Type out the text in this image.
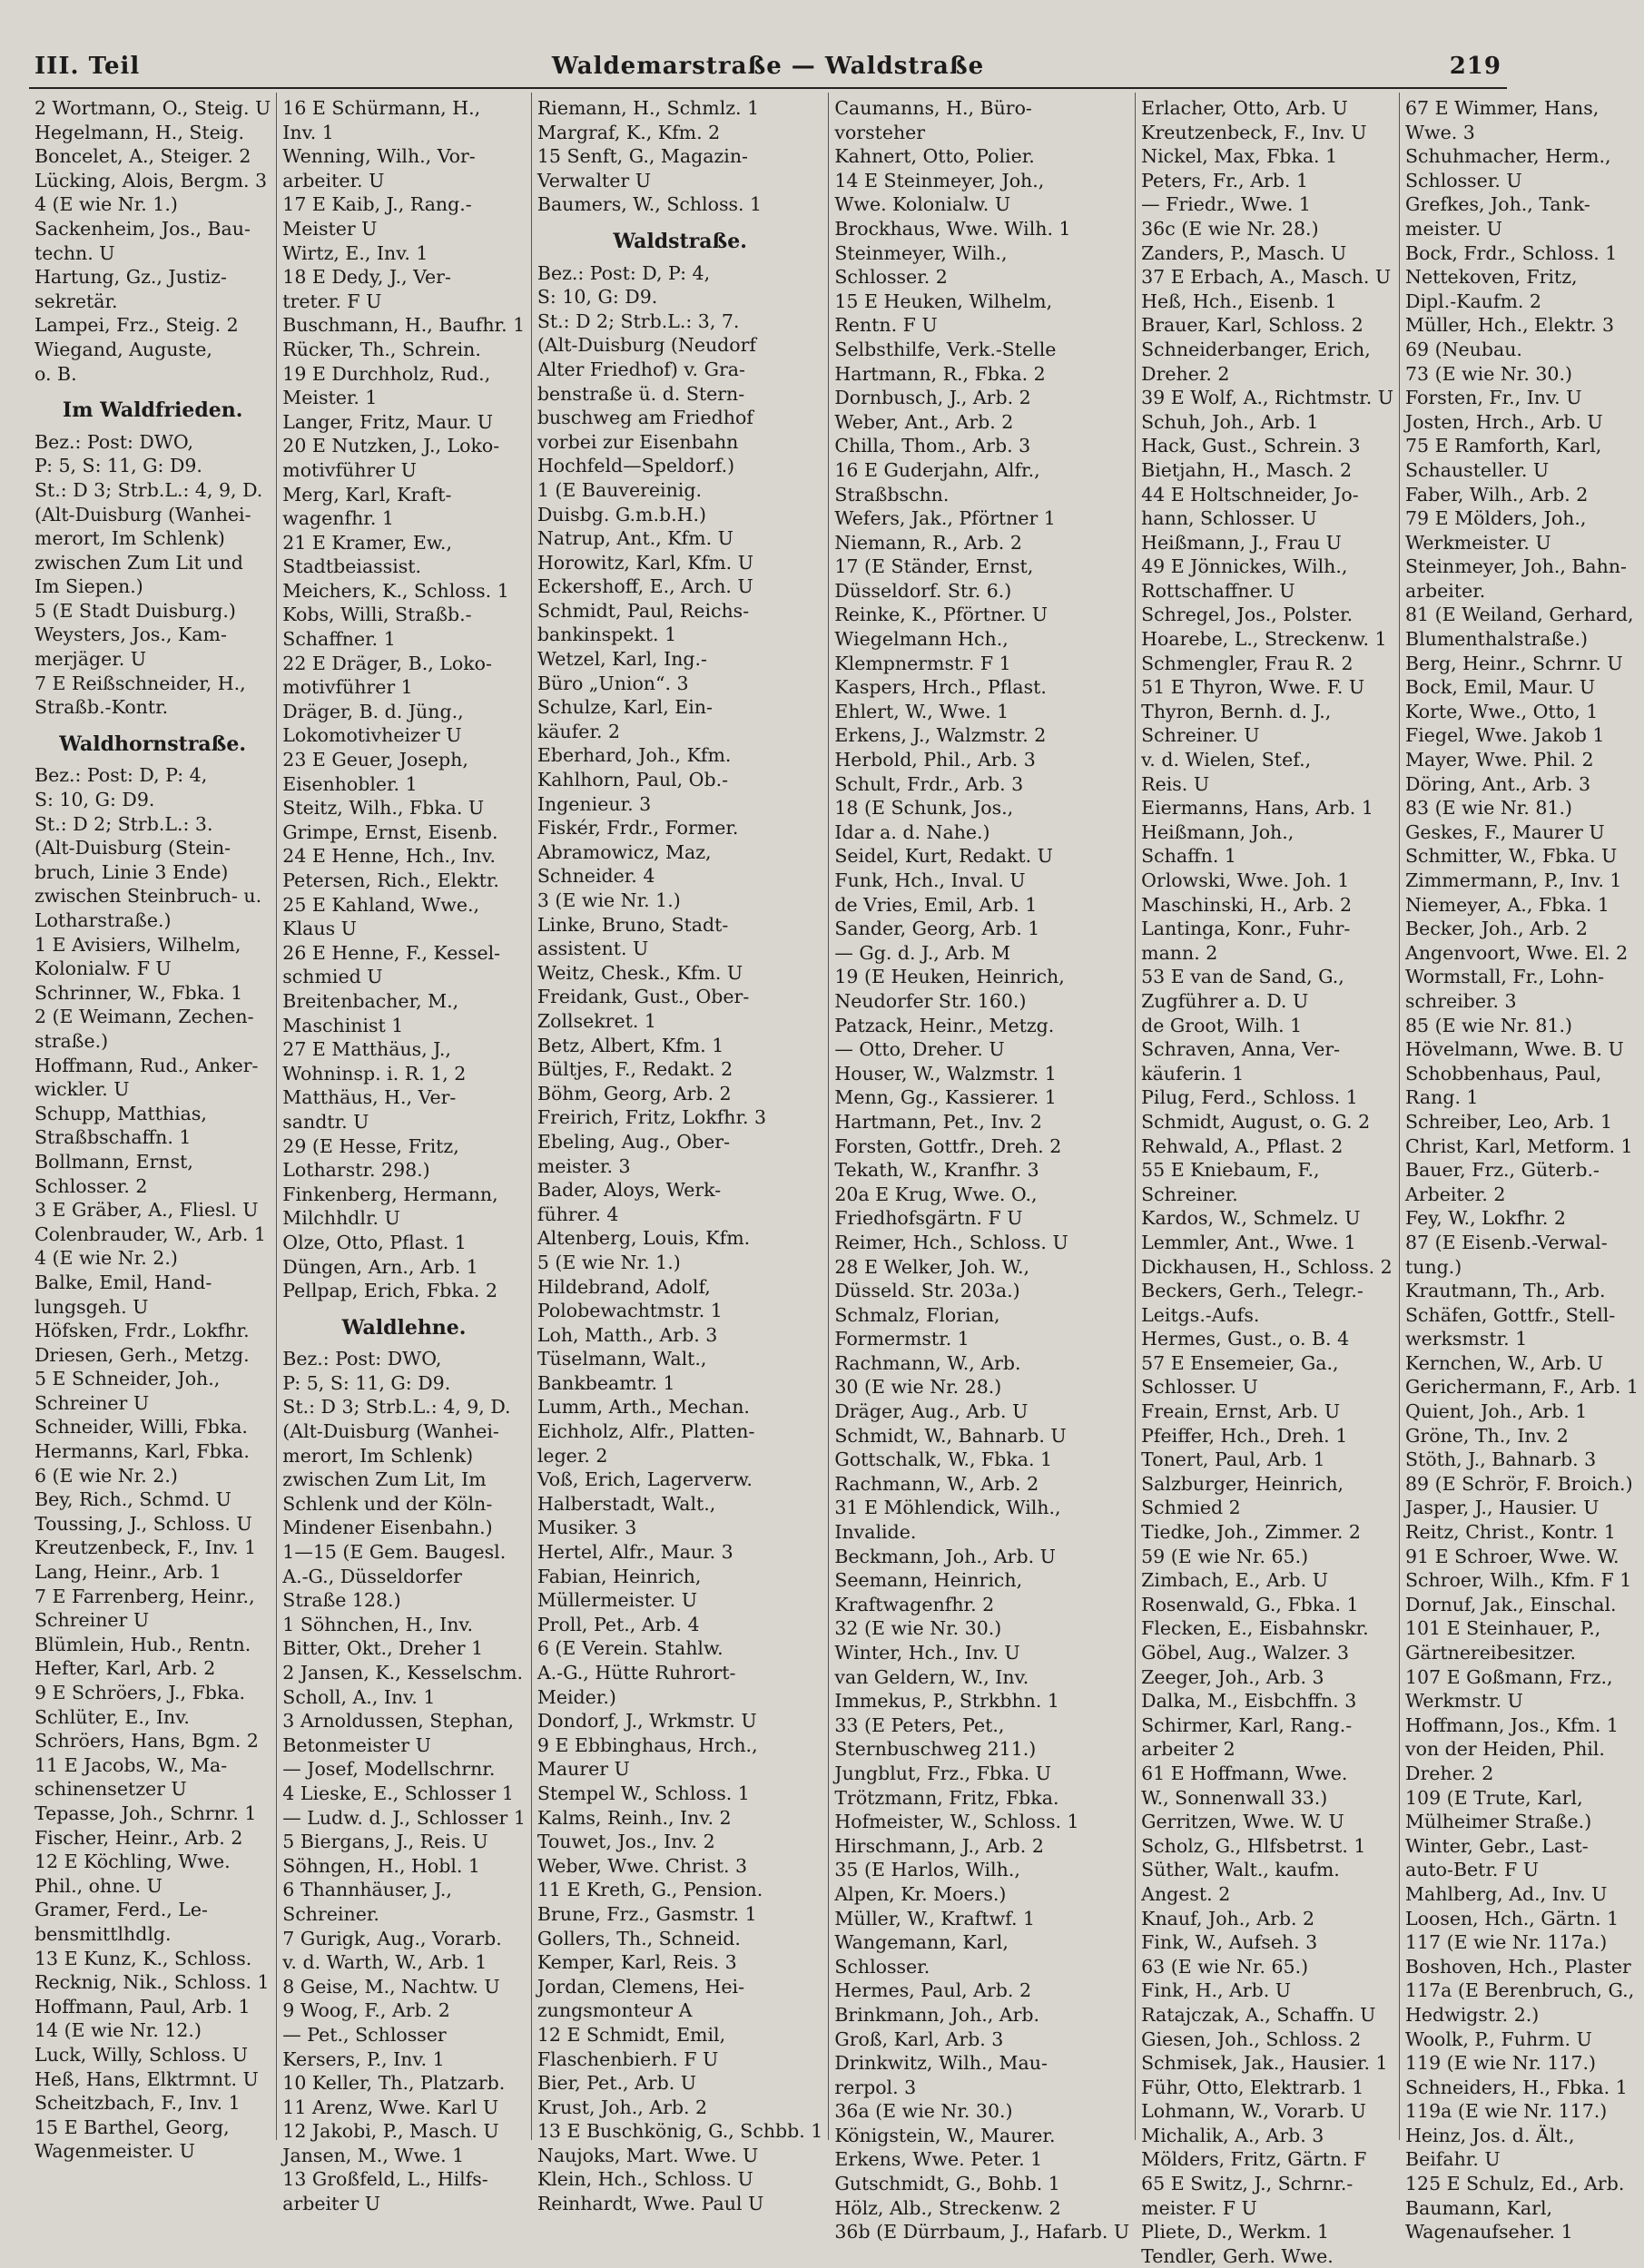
III. Teil	Waldemarstraße — Waldstraße	219
2 Wortmann, O., Steig. U
Hegelmann, H., Steig.
Boncelet, A., Steiger. 2
Lücking, Alois, Bergm. 3
4 (E wie Nr. 1.)
Sackenheim, Jos., Bau-
techn. U
Hartung, Gz., Justiz-
sekretär.
Lampei, Frz., Steig. 2
Wiegand, Auguste,
o. B.
Im Waldfrieden.
Bez.: Post: DWO,
P: 5, S: 11, G: D9.
St.: D 3; Strb.L.: 4, 9, D.
(Alt-Duisburg (Wanhei-
merort, Im Schlenk)
zwischen Zum Lit und
Im Siepen.)
5 (E Stadt Duisburg.)
Weysters, Jos., Kam-
merjäger. U
7 E Reißschneider, H.,
Straßb.-Kontr.
Waldhornstraße.
Bez.: Post: D, P: 4,
S: 10, G: D9.
St.: D 2; Strb.L.: 3.
(Alt-Duisburg (Stein-
bruch, Linie 3 Ende)
zwischen Steinbruch- u.
Lotharstraße.)
1 E Avisiers, Wilhelm,
Kolonialw. F U
Schrinner, W., Fbka. 1
2 (E Weimann, Zechen-
straße.)
Hoffmann, Rud., Anker-
wickler. U
Schupp, Matthias,
Straßbschaffn. 1
Bollmann, Ernst,
Schlosser. 2
3 E Gräber, A., Fliesl. U
Colenbrauder, W., Arb. 1
4 (E wie Nr. 2.)
Balke, Emil, Hand-
lungsgeh. U
Höfsken, Frdr., Lokfhr.
Driesen, Gerh., Metzg.
5 E Schneider, Joh.,
Schreiner U
Schneider, Willi, Fbka.
Hermanns, Karl, Fbka.
6 (E wie Nr. 2.)
Bey, Rich., Schmd. U
Toussing, J., Schloss. U
Kreutzenbeck, F., Inv. 1
Lang, Heinr., Arb. 1
7 E Farrenberg, Heinr.,
Schreiner U
Blümlein, Hub., Rentn.
Hefter, Karl, Arb. 2
9 E Schröers, J., Fbka.
Schlüter, E., Inv.
Schröers, Hans, Bgm. 2
11 E Jacobs, W., Ma-
schinensetzer U
Tepasse, Joh., Schrnr. 1
Fischer, Heinr., Arb. 2
12 E Köchling, Wwe.
Phil., ohne. U
Gramer, Ferd., Le-
bensmittlhdlg.
13 E Kunz, K., Schloss.
Recknig, Nik., Schloss. 1
Hoffmann, Paul, Arb. 1
14 (E wie Nr. 12.)
Luck, Willy, Schloss. U
Heß, Hans, Elktrmnt. U
Scheitzbach, F., Inv. 1
15 E Barthel, Georg,
Wagenmeister. U
16 E Schürmann, H.,
Inv. 1
Wenning, Wilh., Vor-
arbeiter. U
17 E Kaib, J., Rang.-
Meister U
Wirtz, E., Inv. 1
18 E Dedy, J., Ver-
treter. F U
Buschmann, H., Baufhr. 1
Rücker, Th., Schrein.
19 E Durchholz, Rud.,
Meister. 1
Langer, Fritz, Maur. U
20 E Nutzken, J., Loko-
motivführer U
Merg, Karl, Kraft-
wagenfhr. 1
21 E Kramer, Ew.,
Stadtbeiassist.
Meichers, K., Schloss. 1
Kobs, Willi, Straßb.-
Schaffner. 1
22 E Dräger, B., Loko-
motivführer 1
Dräger, B. d. Jüng.,
Lokomotivheizer U
23 E Geuer, Joseph,
Eisenhobler. 1
Steitz, Wilh., Fbka. U
Grimpe, Ernst, Eisenb.
24 E Henne, Hch., Inv.
Petersen, Rich., Elektr.
25 E Kahland, Wwe.,
Klaus U
26 E Henne, F., Kessel-
schmied U
Breitenbacher, M.,
Maschinist 1
27 E Matthäus, J.,
Wohninsp. i. R. 1, 2
Matthäus, H., Ver-
sandtr. U
29 (E Hesse, Fritz,
Lotharstr. 298.)
Finkenberg, Hermann,
Milchhdlr. U
Olze, Otto, Pflast. 1
Düngen, Arn., Arb. 1
Pellpap, Erich, Fbka. 2
Waldlehne.
Bez.: Post: DWO,
P: 5, S: 11, G: D9.
St.: D 3; Strb.L.: 4, 9, D.
(Alt-Duisburg (Wanhei-
merort, Im Schlenk)
zwischen Zum Lit, Im
Schlenk und der Köln-
Mindener Eisenbahn.)
1—15 (E Gem. Baugesl.
A.-G., Düsseldorfer
Straße 128.)
1 Söhnchen, H., Inv.
Bitter, Okt., Dreher 1
2 Jansen, K., Kesselschm.
Scholl, A., Inv. 1
3 Arnoldussen, Stephan,
Betonmeister U
— Josef, Modellschrnr.
4 Lieske, E., Schlosser 1
— Ludw. d. J., Schlosser 1
5 Biergans, J., Reis. U
Söhngen, H., Hobl. 1
6 Thannhäuser, J.,
Schreiner.
7 Gurigk, Aug., Vorarb.
v. d. Warth, W., Arb. 1
8 Geise, M., Nachtw. U
9 Woog, F., Arb. 2
— Pet., Schlosser
Kersers, P., Inv. 1
10 Keller, Th., Platzarb.
11 Arenz, Wwe. Karl U
12 Jakobi, P., Masch. U
Jansen, M., Wwe. 1
13 Großfeld, L., Hilfs-
arbeiter U
Riemann, H., Schmlz. 1
Margraf, K., Kfm. 2
15 Senft, G., Magazin-
Verwalter U
Baumers, W., Schloss. 1
Waldstraße.
Bez.: Post: D, P: 4,
S: 10, G: D9.
St.: D 2; Strb.L.: 3, 7.
(Alt-Duisburg (Neudorf
Alter Friedhof) v. Gra-
benstraße ü. d. Stern-
buschweg am Friedhof
vorbei zur Eisenbahn
Hochfeld—Speldorf.)
1 (E Bauvereinig.
Duisbg. G.m.b.H.)
Natrup, Ant., Kfm. U
Horowitz, Karl, Kfm. U
Eckershoff, E., Arch. U
Schmidt, Paul, Reichs-
bankinspekt. 1
Wetzel, Karl, Ing.-
Büro „Union“. 3
Schulze, Karl, Ein-
käufer. 2
Eberhard, Joh., Kfm.
Kahlhorn, Paul, Ob.-
Ingenieur. 3
Fiskér, Frdr., Former.
Abramowicz, Maz,
Schneider. 4
3 (E wie Nr. 1.)
Linke, Bruno, Stadt-
assistent. U
Weitz, Chesk., Kfm. U
Freidank, Gust., Ober-
Zollsekret. 1
Betz, Albert, Kfm. 1
Bültjes, F., Redakt. 2
Böhm, Georg, Arb. 2
Freirich, Fritz, Lokfhr. 3
Ebeling, Aug., Ober-
meister. 3
Bader, Aloys, Werk-
führer. 4
Altenberg, Louis, Kfm.
5 (E wie Nr. 1.)
Hildebrand, Adolf,
Polobewachtmstr. 1
Loh, Matth., Arb. 3
Tüselmann, Walt.,
Bankbeamtr. 1
Lumm, Arth., Mechan.
Eichholz, Alfr., Platten-
leger. 2
Voß, Erich, Lagerverw.
Halberstadt, Walt.,
Musiker. 3
Hertel, Alfr., Maur. 3
Fabian, Heinrich,
Müllermeister. U
Proll, Pet., Arb. 4
6 (E Verein. Stahlw.
A.-G., Hütte Ruhrort-
Meider.)
Dondorf, J., Wrkmstr. U
9 E Ebbinghaus, Hrch.,
Maurer U
Stempel W., Schloss. 1
Kalms, Reinh., Inv. 2
Touwet, Jos., Inv. 2
Weber, Wwe. Christ. 3
11 E Kreth, G., Pension.
Brune, Frz., Gasmstr. 1
Gollers, Th., Schneid.
Kemper, Karl, Reis. 3
Jordan, Clemens, Hei-
zungsmonteur A
12 E Schmidt, Emil,
Flaschenbierh. F U
Bier, Pet., Arb. U
Krust, Joh., Arb. 2
13 E Buschkönig, G., Schbb. 1
Naujoks, Mart. Wwe. U
Klein, Hch., Schloss. U
Reinhardt, Wwe. Paul U
Caumanns, H., Büro-
vorsteher
Kahnert, Otto, Polier.
14 E Steinmeyer, Joh.,
Wwe. Kolonialw. U
Brockhaus, Wwe. Wilh. 1
Steinmeyer, Wilh.,
Schlosser. 2
15 E Heuken, Wilhelm,
Rentn. F U
Selbsthilfe, Verk.-Stelle
Hartmann, R., Fbka. 2
Dornbusch, J., Arb. 2
Weber, Ant., Arb. 2
Chilla, Thom., Arb. 3
16 E Guderjahn, Alfr.,
Straßbschn.
Wefers, Jak., Pförtner 1
Niemann, R., Arb. 2
17 (E Ständer, Ernst,
Düsseldorf. Str. 6.)
Reinke, K., Pförtner. U
Wiegelmann Hch.,
Klempnermstr. F 1
Kaspers, Hrch., Pflast.
Ehlert, W., Wwe. 1
Erkens, J., Walzmstr. 2
Herbold, Phil., Arb. 3
Schult, Frdr., Arb. 3
18 (E Schunk, Jos.,
Idar a. d. Nahe.)
Seidel, Kurt, Redakt. U
Funk, Hch., Inval. U
de Vries, Emil, Arb. 1
Sander, Georg, Arb. 1
— Gg. d. J., Arb. M
19 (E Heuken, Heinrich,
Neudorfer Str. 160.)
Patzack, Heinr., Metzg.
— Otto, Dreher. U
Houser, W., Walzmstr. 1
Menn, Gg., Kassierer. 1
Hartmann, Pet., Inv. 2
Forsten, Gottfr., Dreh. 2
Tekath, W., Kranfhr. 3
20a E Krug, Wwe. O.,
Friedhofsgärtn. F U
Reimer, Hch., Schloss. U
28 E Welker, Joh. W.,
Düsseld. Str. 203a.)
Schmalz, Florian,
Formermstr. 1
Rachmann, W., Arb.
30 (E wie Nr. 28.)
Dräger, Aug., Arb. U
Schmidt, W., Bahnarb. U
Gottschalk, W., Fbka. 1
Rachmann, W., Arb. 2
31 E Möhlendick, Wilh.,
Invalide.
Beckmann, Joh., Arb. U
Seemann, Heinrich,
Kraftwagenfhr. 2
32 (E wie Nr. 30.)
Winter, Hch., Inv. U
van Geldern, W., Inv.
Immekus, P., Strkbhn. 1
33 (E Peters, Pet.,
Sternbuschweg 211.)
Jungblut, Frz., Fbka. U
Trötzmann, Fritz, Fbka.
Hofmeister, W., Schloss. 1
Hirschmann, J., Arb. 2
35 (E Harlos, Wilh.,
Alpen, Kr. Moers.)
Müller, W., Kraftwf. 1
Wangemann, Karl,
Schlosser.
Hermes, Paul, Arb. 2
Brinkmann, Joh., Arb.
Groß, Karl, Arb. 3
Drinkwitz, Wilh., Mau-
rerpol. 3
36a (E wie Nr. 30.)
Königstein, W., Maurer.
Erkens, Wwe. Peter. 1
Gutschmidt, G., Bohb. 1
Hölz, Alb., Streckenw. 2
36b (E Dürrbaum, J., Hafarb. U
Erlacher, Otto, Arb. U
Kreutzenbeck, F., Inv. U
Nickel, Max, Fbka. 1
Peters, Fr., Arb. 1
— Friedr., Wwe. 1
36c (E wie Nr. 28.)
Zanders, P., Masch. U
37 E Erbach, A., Masch. U
Heß, Hch., Eisenb. 1
Brauer, Karl, Schloss. 2
Schneiderbanger, Erich,
Dreher. 2
39 E Wolf, A., Richtmstr. U
Schuh, Joh., Arb. 1
Hack, Gust., Schrein. 3
Bietjahn, H., Masch. 2
44 E Holtschneider, Jo-
hann, Schlosser. U
Heißmann, J., Frau U
49 E Jönnickes, Wilh.,
Rottschaffner. U
Schregel, Jos., Polster.
Hoarebe, L., Streckenw. 1
Schmengler, Frau R. 2
51 E Thyron, Wwe. F. U
Thyron, Bernh. d. J.,
Schreiner. U
v. d. Wielen, Stef.,
Reis. U
Eiermanns, Hans, Arb. 1
Heißmann, Joh.,
Schaffn. 1
Orlowski, Wwe. Joh. 1
Maschinski, H., Arb. 2
Lantinga, Konr., Fuhr-
mann. 2
53 E van de Sand, G.,
Zugführer a. D. U
de Groot, Wilh. 1
Schraven, Anna, Ver-
käuferin. 1
Pilug, Ferd., Schloss. 1
Schmidt, August, o. G. 2
Rehwald, A., Pflast. 2
55 E Kniebaum, F.,
Schreiner.
Kardos, W., Schmelz. U
Lemmler, Ant., Wwe. 1
Dickhausen, H., Schloss. 2
Beckers, Gerh., Telegr.-
Leitgs.-Aufs.
Hermes, Gust., o. B. 4
57 E Ensemeier, Ga.,
Schlosser. U
Freain, Ernst, Arb. U
Pfeiffer, Hch., Dreh. 1
Tonert, Paul, Arb. 1
Salzburger, Heinrich,
Schmied 2
Tiedke, Joh., Zimmer. 2
59 (E wie Nr. 65.)
Zimbach, E., Arb. U
Rosenwald, G., Fbka. 1
Flecken, E., Eisbahnskr.
Göbel, Aug., Walzer. 3
Zeeger, Joh., Arb. 3
Dalka, M., Eisbchffn. 3
Schirmer, Karl, Rang.-
arbeiter 2
61 E Hoffmann, Wwe.
W., Sonnenwall 33.)
Gerritzen, Wwe. W. U
Scholz, G., Hlfsbetrst. 1
Süther, Walt., kaufm.
Angest. 2
Knauf, Joh., Arb. 2
Fink, W., Aufseh. 3
63 (E wie Nr. 65.)
Fink, H., Arb. U
Ratajczak, A., Schaffn. U
Giesen, Joh., Schloss. 2
Schmisek, Jak., Hausier. 1
Führ, Otto, Elektrarb. 1
Lohmann, W., Vorarb. U
Michalik, A., Arb. 3
Mölders, Fritz, Gärtn. F
65 E Switz, J., Schrnr.-
meister. F U
Pliete, D., Werkm. 1
Tendler, Gerh. Wwe.
67 E Wimmer, Hans,
Wwe. 3
Schuhmacher, Herm.,
Schlosser. U
Grefkes, Joh., Tank-
meister. U
Bock, Frdr., Schloss. 1
Nettekoven, Fritz,
Dipl.-Kaufm. 2
Müller, Hch., Elektr. 3
69 (Neubau.
73 (E wie Nr. 30.)
Forsten, Fr., Inv. U
Josten, Hrch., Arb. U
75 E Ramforth, Karl,
Schausteller. U
Faber, Wilh., Arb. 2
79 E Mölders, Joh.,
Werkmeister. U
Steinmeyer, Joh., Bahn-
arbeiter.
81 (E Weiland, Gerhard,
Blumenthalstraße.)
Berg, Heinr., Schrnr. U
Bock, Emil, Maur. U
Korte, Wwe., Otto, 1
Fiegel, Wwe. Jakob 1
Mayer, Wwe. Phil. 2
Döring, Ant., Arb. 3
83 (E wie Nr. 81.)
Geskes, F., Maurer U
Schmitter, W., Fbka. U
Zimmermann, P., Inv. 1
Niemeyer, A., Fbka. 1
Becker, Joh., Arb. 2
Angenvoort, Wwe. El. 2
Wormstall, Fr., Lohn-
schreiber. 3
85 (E wie Nr. 81.)
Hövelmann, Wwe. B. U
Schobbenhaus, Paul,
Rang. 1
Schreiber, Leo, Arb. 1
Christ, Karl, Metform. 1
Bauer, Frz., Güterb.-
Arbeiter. 2
Fey, W., Lokfhr. 2
87 (E Eisenb.-Verwal-
tung.)
Krautmann, Th., Arb.
Schäfen, Gottfr., Stell-
werksmstr. 1
Kernchen, W., Arb. U
Gerichermann, F., Arb. 1
Quient, Joh., Arb. 1
Gröne, Th., Inv. 2
Stöth, J., Bahnarb. 3
89 (E Schrör, F. Broich.)
Jasper, J., Hausier. U
Reitz, Christ., Kontr. 1
91 E Schroer, Wwe. W.
Schroer, Wilh., Kfm. F 1
Dornuf, Jak., Einschal.
101 E Steinhauer, P.,
Gärtnereibesitzer.
107 E Goßmann, Frz.,
Werkmstr. U
Hoffmann, Jos., Kfm. 1
von der Heiden, Phil.
Dreher. 2
109 (E Trute, Karl,
Mülheimer Straße.)
Winter, Gebr., Last-
auto-Betr. F U
Mahlberg, Ad., Inv. U
Loosen, Hch., Gärtn. 1
117 (E wie Nr. 117a.)
Boshoven, Hch., Plaster
117a (E Berenbruch, G.,
Hedwigstr. 2.)
Woolk, P., Fuhrm. U
119 (E wie Nr. 117.)
Schneiders, H., Fbka. 1
119a (E wie Nr. 117.)
Heinz, Jos. d. Ält.,
Beifahr. U
125 E Schulz, Ed., Arb.
Baumann, Karl,
Wagenaufseher. 1
